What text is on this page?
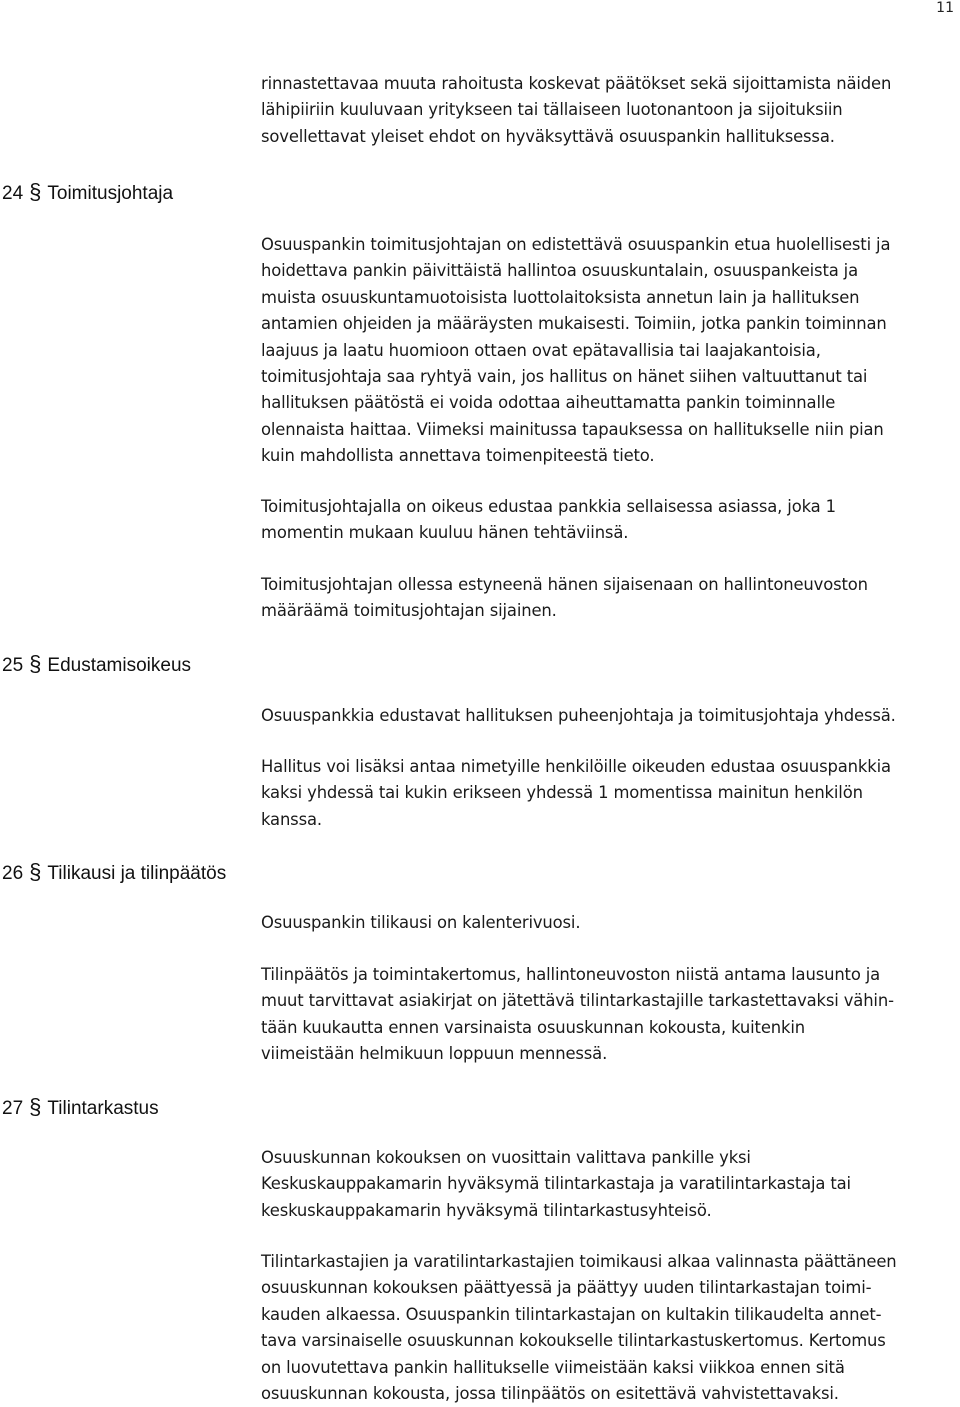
11
rinnastettavaa muuta rahoitusta koskevat päätökset sekä sijoittamista näiden
lähipiiriin kuuluvaan yritykseen tai tällaiseen luotonantoon ja sijoituksiin
sovellettavat yleiset ehdot on hyväksyttävä osuuspankin hallituksessa.
24 § Toimitusjohtaja
Osuuspankin toimitusjohtajan on edistettävä osuuspankin etua huolellisesti ja
hoidettava pankin päivittäistä hallintoa osuuskuntalain, osuuspankeista ja
muista osuuskuntamuotoisista luottolaitoksista annetun lain ja hallituksen
antamien ohjeiden ja määräysten mukaisesti. Toimiin, jotka pankin toiminnan
laajuus ja laatu huomioon ottaen ovat epätavallisia tai laajakantoisia,
toimitusjohtaja saa ryhtyä vain, jos hallitus on hänet siihen valtuuttanut tai
hallituksen päätöstä ei voida odottaa aiheuttamatta pankin toiminnalle
olennaista haittaa. Viimeksi mainitussa tapauksessa on hallitukselle niin pian
kuin mahdollista annettava toimenpiteestä tieto.
Toimitusjohtajalla on oikeus edustaa pankkia sellaisessa asiassa, joka 1
momentin mukaan kuuluu hänen tehtäviinsä.
Toimitusjohtajan ollessa estyneenä hänen sijaisenaan on hallintoneuvoston
määräämä toimitusjohtajan sijainen.
25 § Edustamisoikeus
Osuuspankkia edustavat hallituksen puheenjohtaja ja toimitusjohtaja yhdessä.
Hallitus voi lisäksi antaa nimetyille henkilöille oikeuden edustaa osuuspankkia
kaksi yhdessä tai kukin erikseen yhdessä 1 momentissa mainitun henkilön
kanssa.
26 § Tilikausi ja tilinpäätös
Osuuspankin tilikausi on kalenterivuosi.
Tilinpäätös ja toimintakertomus, hallintoneuvoston niistä antama lausunto ja
muut tarvittavat asiakirjat on jätettävä tilintarkastajille tarkastettavaksi vähin-
tään kuukautta ennen varsinaista osuuskunnan kokousta, kuitenkin
viimeistään helmikuun loppuun mennessä.
27 § Tilintarkastus
Osuuskunnan kokouksen on vuosittain valittava pankille yksi
Keskuskauppakamarin hyväksymä tilintarkastaja ja varatilintarkastaja tai
keskuskauppakamarin hyväksymä tilintarkastusyhteisö.
Tilintarkastajien ja varatilintarkastajien toimikausi alkaa valinnasta päättäneen
osuuskunnan kokouksen päättyessä ja päättyy uuden tilintarkastajan toimi-
kauden alkaessa. Osuuspankin tilintarkastajan on kultakin tilikaudelta annet-
tava varsinaiselle osuuskunnan kokoukselle tilintarkastuskertomus. Kertomus
on luovutettava pankin hallitukselle viimeistään kaksi viikkoa ennen sitä
osuuskunnan kokousta, jossa tilinpäätös on esitettävä vahvistettavaksi.
